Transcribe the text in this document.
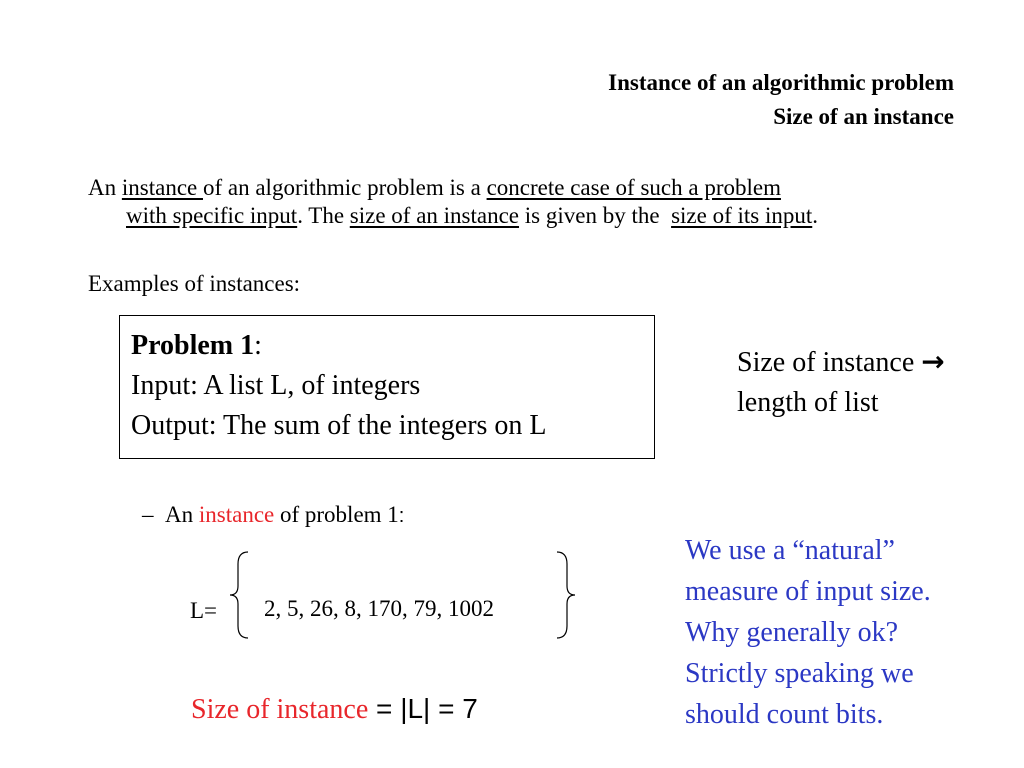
Instance of an algorithmic problem
Size of an instance
An instance of an algorithmic problem is a concrete case of such a problem
with specific input. The size of an instance is given by the  size of its input.
Examples of instances:
Problem 1:
Input: A list L, of integers
Output: The sum of the integers on L
Size of instance →
length of list
– An instance of problem 1:
L= 2, 5, 26, 8, 170, 79, 1002
Size of instance = |L| = 7
We use a “natural”
measure of input size.
Why generally ok?
Strictly speaking we
should count bits.
